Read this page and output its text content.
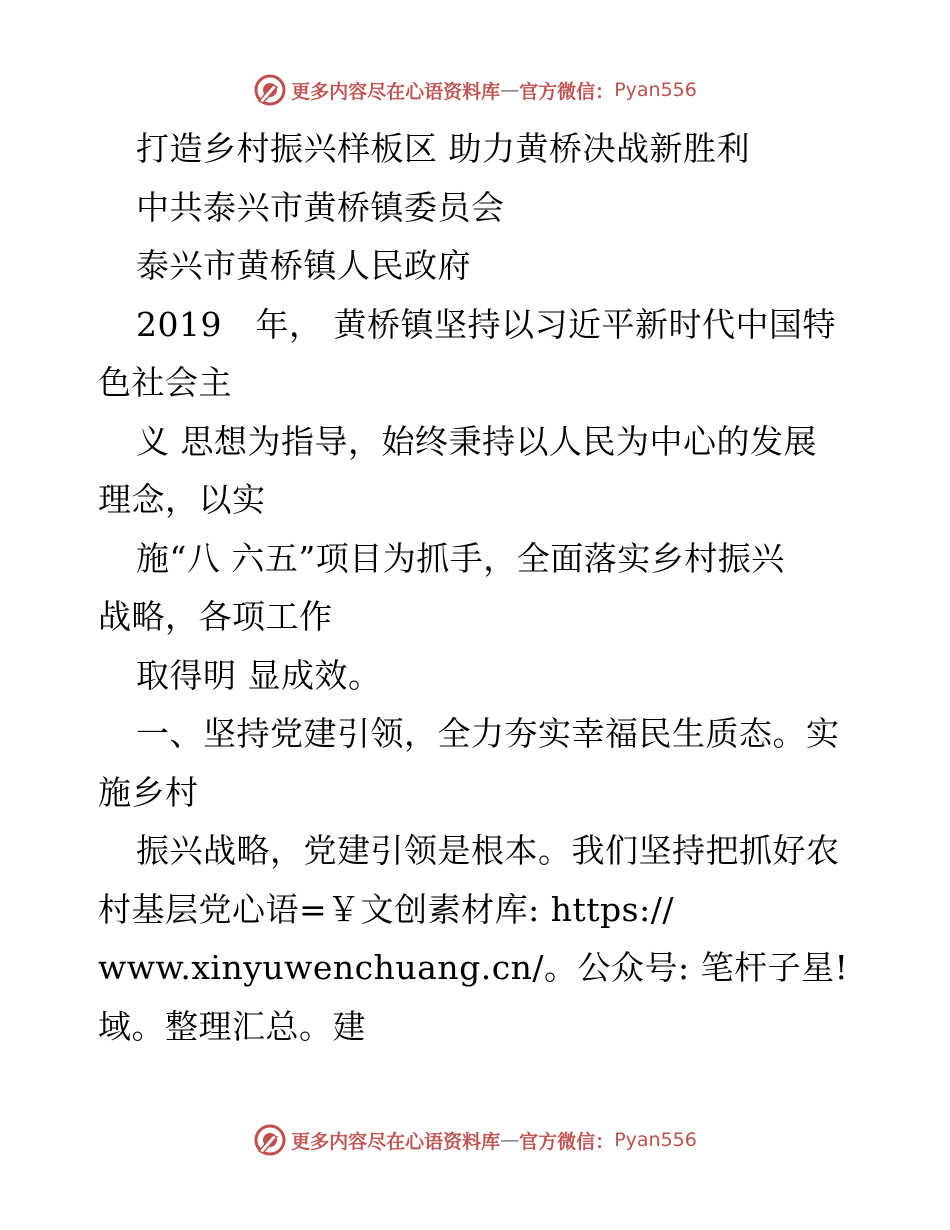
更多内容尽在心语资料库 — 官方微信： Pyan556
打造乡村振兴样板区 助力黄桥决战新胜利
中共泰兴市黄桥镇委员会
泰兴市黄桥镇人民政府
2019　年， 黄桥镇坚持以习近平新时代中国特
色社会主
义 思想为指导，始终秉持以人民为中心的发展
理念，以实
施“八 六五”项目为抓手，全面落实乡村振兴
战略，各项工作
取得明 显成效。
一、坚持党建引领，全力夯实幸福民生质态。实
施乡村
振兴战略，党建引领是根本。我们坚持把抓好农
村基层党心语=￥文创素材库: https://
www.xinyuwenchuang.cn/。公众号: 笔杆子星!
域。整理汇总。建
更多内容尽在心语资料库 — 官方微信： Pyan556
